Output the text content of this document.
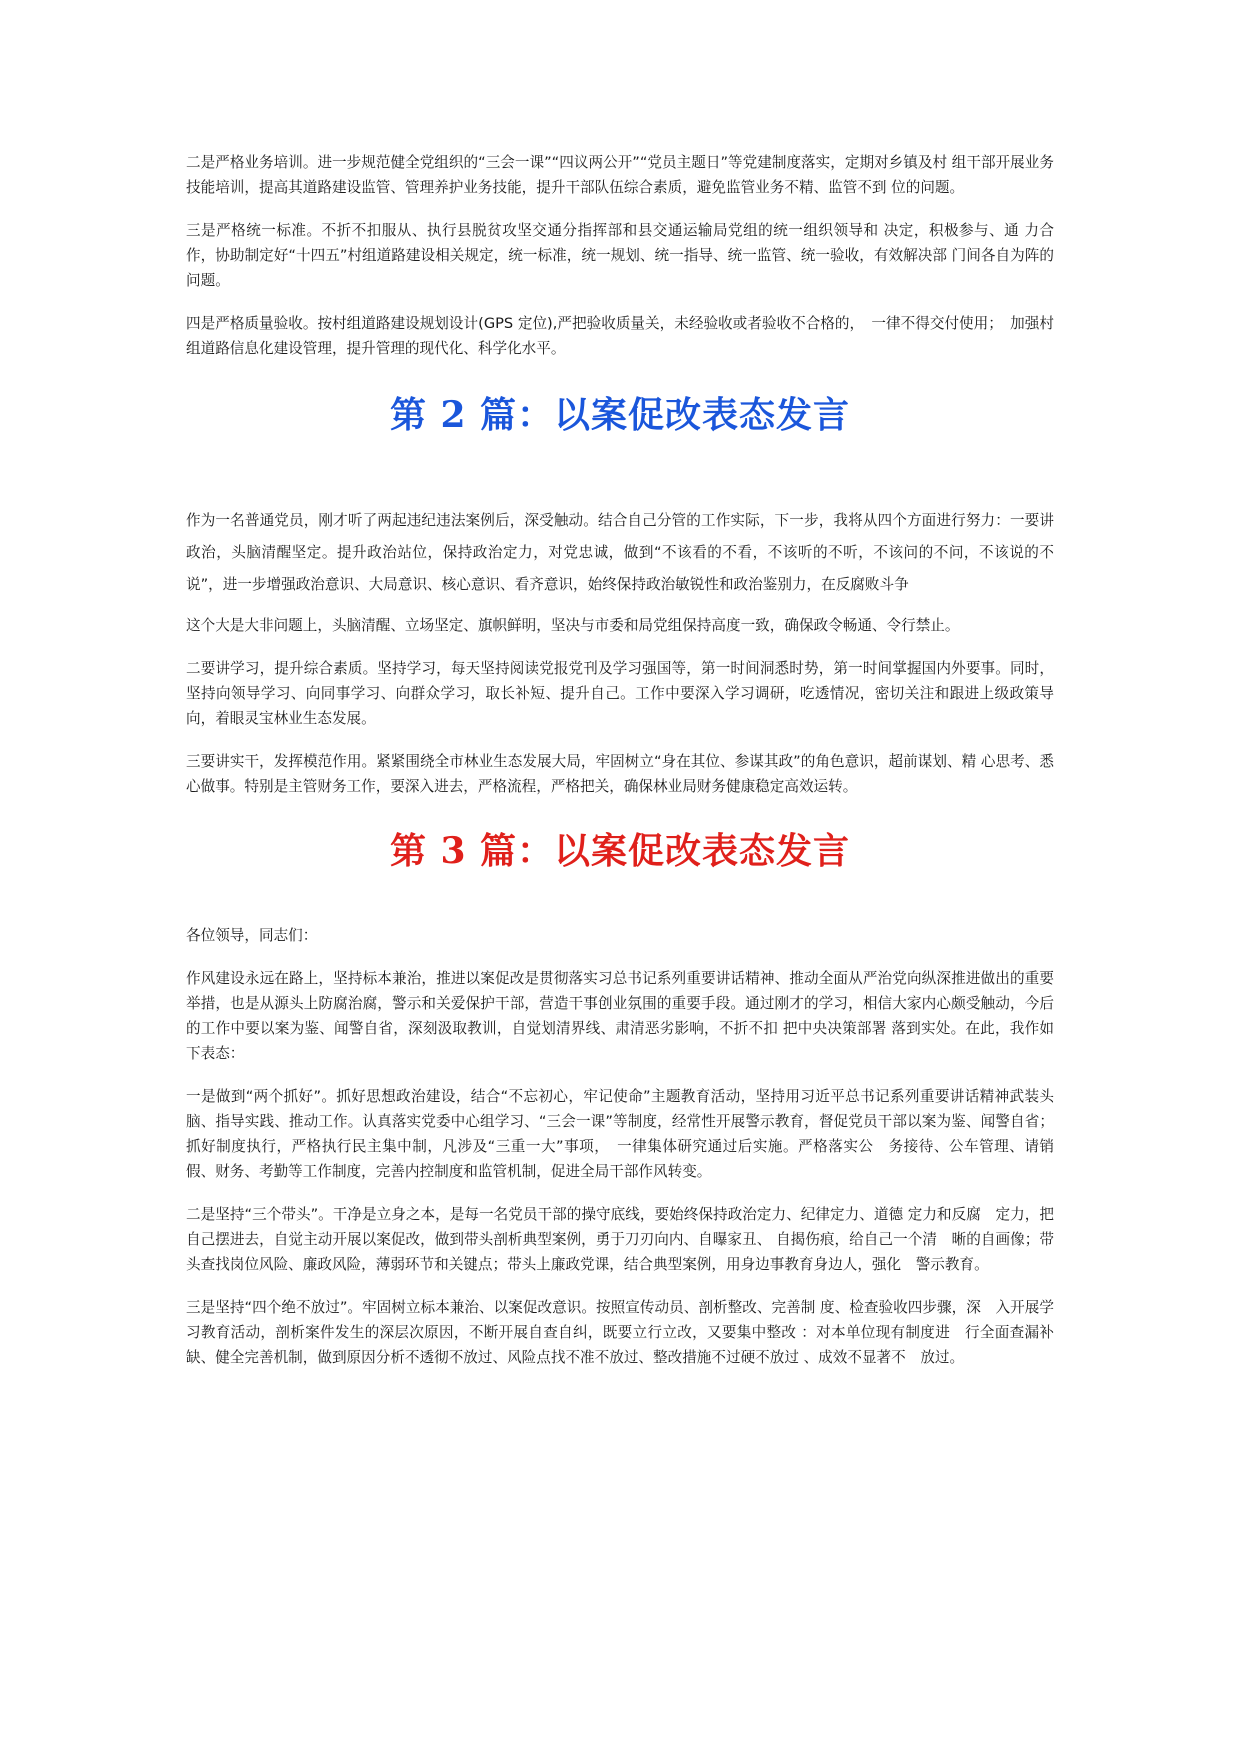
二是严格业务培训。进一步规范健全党组织的“三会一课”“四议两公开”“党员主题日”等党建制度落实，定期对乡镇及村 组干部开展业务技能培训，提高其道路建设监管、管理养护业务技能，提升干部队伍综合素质，避免监管业务不精、监管不到 位的问题。

三是严格统一标准。不折不扣服从、执行县脱贫攻坚交通分指挥部和县交通运输局党组的统一组织领导和 决定，积极参与、通 力合作，协助制定好“十四五”村组道路建设相关规定，统一标准，统一规划、统一指导、统一监管、统一验收，有效解决部 门间各自为阵的问题。

四是严格质量验收。按村组道路建设规划设计(GPS 定位),严把验收质量关，未经验收或者验收不合格的，　一律不得交付使用；　加强村组道路信息化建设管理，提升管理的现代化、科学化水平。

第 2 篇：以案促改表态发言

作为一名普通党员，刚才听了两起违纪违法案例后，深受触动。结合自己分管的工作实际，下一步，我将从四个方面进行努力：一要讲政治，头脑清醒坚定。提升政治站位，保持政治定力，对党忠诚，做到“不该看的不看，不该听的不听，不该问的不问，不该说的不说”，进一步增强政治意识、大局意识、核心意识、看齐意识，始终保持政治敏锐性和政治鉴别力，在反腐败斗争

这个大是大非问题上，头脑清醒、立场坚定、旗帜鲜明，坚决与市委和局党组保持高度一致，确保政令畅通、令行禁止。

二要讲学习，提升综合素质。坚持学习，每天坚持阅读党报党刊及学习强国等，第一时间洞悉时势，第一时间掌握国内外要事。同时，坚持向领导学习、向同事学习、向群众学习，取长补短、提升自己。工作中要深入学习调研，吃透情况，密切关注和跟进上级政策导向，着眼灵宝林业生态发展。

三要讲实干，发挥模范作用。紧紧围绕全市林业生态发展大局，牢固树立“身在其位、参谋其政”的角色意识，超前谋划、精 心思考、悉心做事。特别是主管财务工作，要深入进去，严格流程，严格把关，确保林业局财务健康稳定高效运转。

第 3 篇：以案促改表态发言

各位领导，同志们：

作风建设永远在路上，坚持标本兼治，推进以案促改是贯彻落实习总书记系列重要讲话精神、推动全面从严治党向纵深推进做出的重要举措，也是从源头上防腐治腐，警示和关爱保护干部，营造干事创业氛围的重要手段。通过刚才的学习，相信大家内心颇受触动，今后的工作中要以案为鉴、闻警自省，深刻汲取教训，自觉划清界线、肃清恶劣影响，不折不扣 把中央决策部署 落到实处。在此，我作如下表态：

一是做到“两个抓好”。抓好思想政治建设，结合“不忘初心，牢记使命”主题教育活动，坚持用习近平总书记系列重要讲话精神武装头脑、指导实践、推动工作。认真落实党委中心组学习、“三会一课”等制度，经常性开展警示教育，督促党员干部以案为鉴、闻警自省；抓好制度执行，严格执行民主集中制，凡涉及“三重一大”事项，　一律集体研究通过后实施。严格落实公　务接待、公车管理、请销假、财务、考勤等工作制度，完善内控制度和监管机制，促进全局干部作风转变。

二是坚持“三个带头”。干净是立身之本，是每一名党员干部的操守底线，要始终保持政治定力、纪律定力、道德 定力和反腐　定力，把自己摆进去，自觉主动开展以案促改，做到带头剖析典型案例，勇于刀刃向内、自曝家丑、 自揭伤痕，给自己一个清　晰的自画像；带头查找岗位风险、廉政风险，薄弱环节和关键点；带头上廉政党课，结合典型案例，用身边事教育身边人，强化　警示教育。

三是坚持“四个绝不放过”。牢固树立标本兼治、以案促改意识。按照宣传动员、剖析整改、完善制 度、检查验收四步骤，深　入开展学习教育活动，剖析案件发生的深层次原因，不断开展自查自纠，既要立行立改，又要集中整改 ：对本单位现有制度进　行全面查漏补缺、健全完善机制，做到原因分析不透彻不放过、风险点找不准不放过、整改措施不过硬不放过 、成效不显著不　放过。
